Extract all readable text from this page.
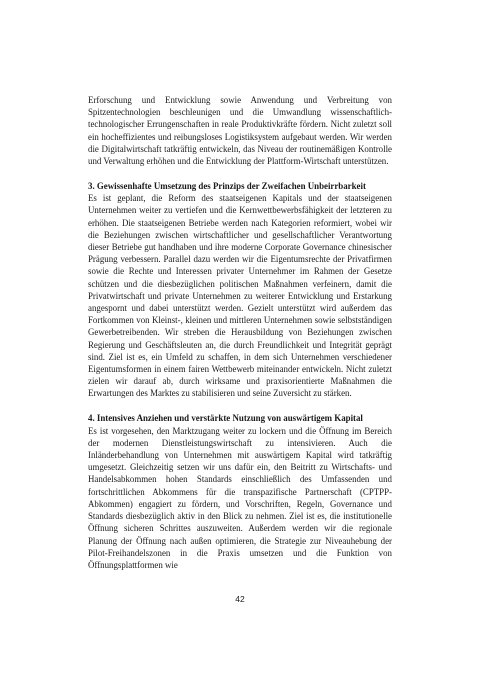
Erforschung und Entwicklung sowie Anwendung und Verbreitung von Spitzentechnologien beschleunigen und die Umwandlung wissenschaftlich-technologischer Errungenschaften in reale Produktivkräfte fördern. Nicht zuletzt soll ein hocheffizientes und reibungsloses Logistiksystem aufgebaut werden. Wir werden die Digitalwirtschaft tatkräftig entwickeln, das Niveau der routinemäßigen Kontrolle und Verwaltung erhöhen und die Entwicklung der Plattform-Wirtschaft unterstützen.

3. Gewissenhafte Umsetzung des Prinzips der Zweifachen Unbeirrbarkeit

Es ist geplant, die Reform des staatseigenen Kapitals und der staatseigenen Unternehmen weiter zu vertiefen und die Kernwettbewerbsfähigkeit der letzteren zu erhöhen. Die staatseigenen Betriebe werden nach Kategorien reformiert, wobei wir die Beziehungen zwischen wirtschaftlicher und gesellschaftlicher Verantwortung dieser Betriebe gut handhaben und ihre moderne Corporate Governance chinesischer Prägung verbessern. Parallel dazu werden wir die Eigentumsrechte der Privatfirmen sowie die Rechte und Interessen privater Unternehmer im Rahmen der Gesetze schützen und die diesbezüglichen politischen Maßnahmen verfeinern, damit die Privatwirtschaft und private Unternehmen zu weiterer Entwicklung und Erstarkung angespornt und dabei unterstützt werden. Gezielt unterstützt wird außerdem das Fortkommen von Kleinst-, kleinen und mittleren Unternehmen sowie selbstständigen Gewerbetreibenden. Wir streben die Herausbildung von Beziehungen zwischen Regierung und Geschäftsleuten an, die durch Freundlichkeit und Integrität geprägt sind. Ziel ist es, ein Umfeld zu schaffen, in dem sich Unternehmen verschiedener Eigentumsformen in einem fairen Wettbewerb miteinander entwickeln. Nicht zuletzt zielen wir darauf ab, durch wirksame und praxisorientierte Maßnahmen die Erwartungen des Marktes zu stabilisieren und seine Zuversicht zu stärken.

4. Intensives Anziehen und verstärkte Nutzung von auswärtigem Kapital

Es ist vorgesehen, den Marktzugang weiter zu lockern und die Öffnung im Bereich der modernen Dienstleistungswirtschaft zu intensivieren. Auch die Inländerbehandlung von Unternehmen mit auswärtigem Kapital wird tatkräftig umgesetzt. Gleichzeitig setzen wir uns dafür ein, den Beitritt zu Wirtschafts- und Handelsabkommen hohen Standards einschließlich des Umfassenden und fortschrittlichen Abkommens für die transpazifische Partnerschaft (CPTPP-Abkommen) engagiert zu fördern, und Vorschriften, Regeln, Governance und Standards diesbezüglich aktiv in den Blick zu nehmen. Ziel ist es, die institutionelle Öffnung sicheren Schrittes auszuweiten. Außerdem werden wir die regionale Planung der Öffnung nach außen optimieren, die Strategie zur Niveauhebung der Pilot-Freihandelszonen in die Praxis umsetzen und die Funktion von Öffnungsplattformen wie

42
